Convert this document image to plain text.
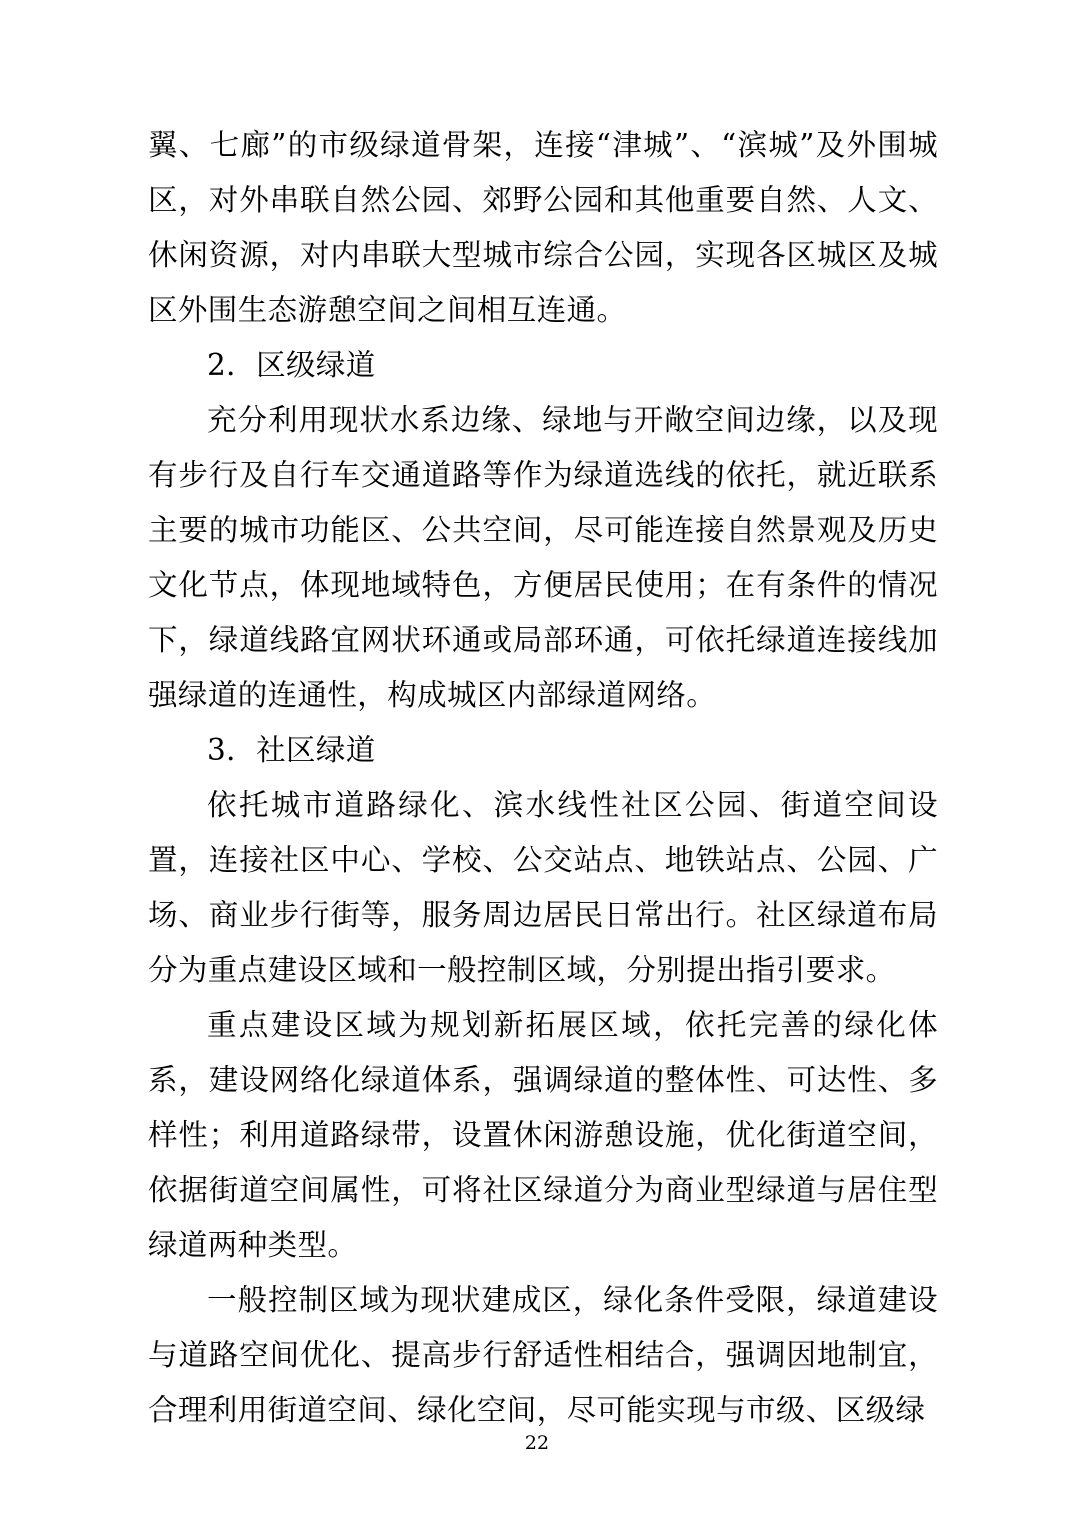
翼、七廊”的市级绿道骨架，连接“津城”、“滨城”及外围城区，对外串联自然公园、郊野公园和其他重要自然、人文、休闲资源，对内串联大型城市综合公园，实现各区城区及城区外围生态游憩空间之间相互连通。

2．区级绿道

充分利用现状水系边缘、绿地与开敞空间边缘，以及现有步行及自行车交通道路等作为绿道选线的依托，就近联系主要的城市功能区、公共空间，尽可能连接自然景观及历史文化节点，体现地域特色，方便居民使用；在有条件的情况下，绿道线路宜网状环通或局部环通，可依托绿道连接线加强绿道的连通性，构成城区内部绿道网络。

3．社区绿道

依托城市道路绿化、滨水线性社区公园、街道空间设置，连接社区中心、学校、公交站点、地铁站点、公园、广场、商业步行街等，服务周边居民日常出行。社区绿道布局分为重点建设区域和一般控制区域，分别提出指引要求。

重点建设区域为规划新拓展区域，依托完善的绿化体系，建设网络化绿道体系，强调绿道的整体性、可达性、多样性；利用道路绿带，设置休闲游憩设施，优化街道空间，依据街道空间属性，可将社区绿道分为商业型绿道与居住型绿道两种类型。

一般控制区域为现状建成区，绿化条件受限，绿道建设与道路空间优化、提高步行舒适性相结合，强调因地制宜，合理利用街道空间、绿化空间，尽可能实现与市级、区级绿

22
